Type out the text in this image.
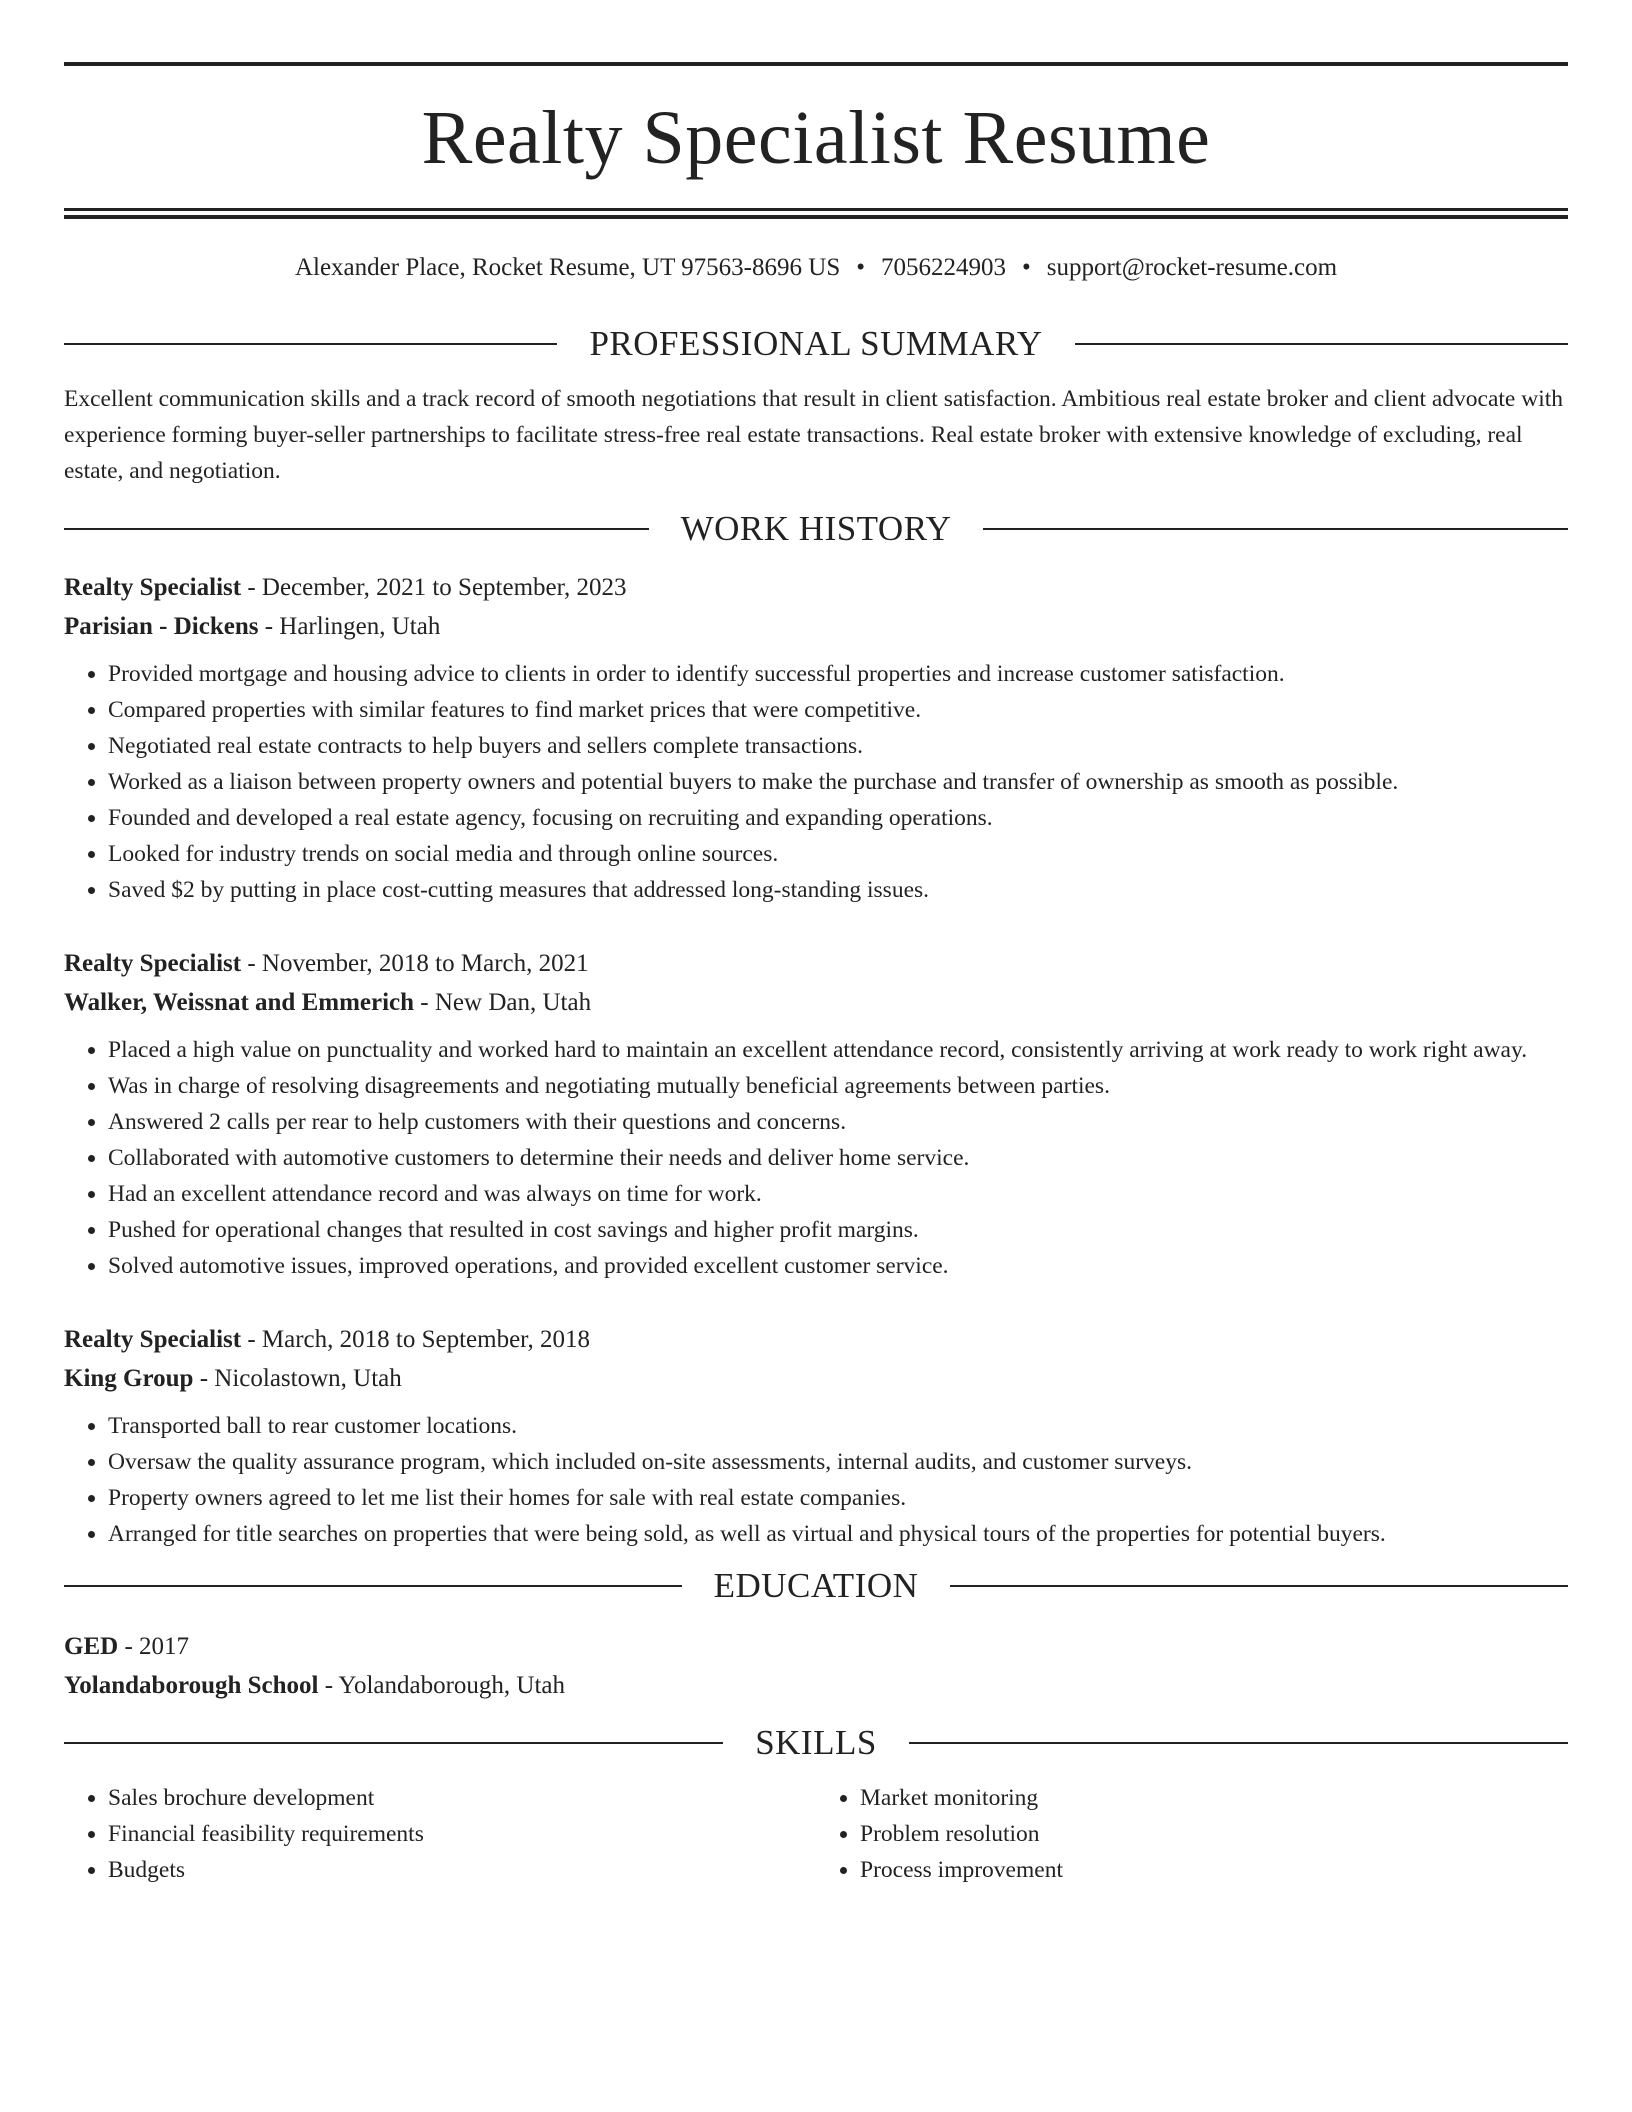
Realty Specialist Resume
Alexander Place, Rocket Resume, UT 97563-8696 US • 7056224903 • support@rocket-resume.com
PROFESSIONAL SUMMARY
Excellent communication skills and a track record of smooth negotiations that result in client satisfaction. Ambitious real estate broker and client advocate with experience forming buyer-seller partnerships to facilitate stress-free real estate transactions. Real estate broker with extensive knowledge of excluding, real estate, and negotiation.
WORK HISTORY
Realty Specialist - December, 2021 to September, 2023
Parisian - Dickens - Harlingen, Utah
• Provided mortgage and housing advice to clients in order to identify successful properties and increase customer satisfaction.
• Compared properties with similar features to find market prices that were competitive.
• Negotiated real estate contracts to help buyers and sellers complete transactions.
• Worked as a liaison between property owners and potential buyers to make the purchase and transfer of ownership as smooth as possible.
• Founded and developed a real estate agency, focusing on recruiting and expanding operations.
• Looked for industry trends on social media and through online sources.
• Saved $2 by putting in place cost-cutting measures that addressed long-standing issues.
Realty Specialist - November, 2018 to March, 2021
Walker, Weissnat and Emmerich - New Dan, Utah
• Placed a high value on punctuality and worked hard to maintain an excellent attendance record, consistently arriving at work ready to work right away.
• Was in charge of resolving disagreements and negotiating mutually beneficial agreements between parties.
• Answered 2 calls per rear to help customers with their questions and concerns.
• Collaborated with automotive customers to determine their needs and deliver home service.
• Had an excellent attendance record and was always on time for work.
• Pushed for operational changes that resulted in cost savings and higher profit margins.
• Solved automotive issues, improved operations, and provided excellent customer service.
Realty Specialist - March, 2018 to September, 2018
King Group - Nicolastown, Utah
• Transported ball to rear customer locations.
• Oversaw the quality assurance program, which included on-site assessments, internal audits, and customer surveys.
• Property owners agreed to let me list their homes for sale with real estate companies.
• Arranged for title searches on properties that were being sold, as well as virtual and physical tours of the properties for potential buyers.
EDUCATION
GED - 2017
Yolandaborough School - Yolandaborough, Utah
SKILLS
• Sales brochure development
• Financial feasibility requirements
• Budgets
• Market monitoring
• Problem resolution
• Process improvement
